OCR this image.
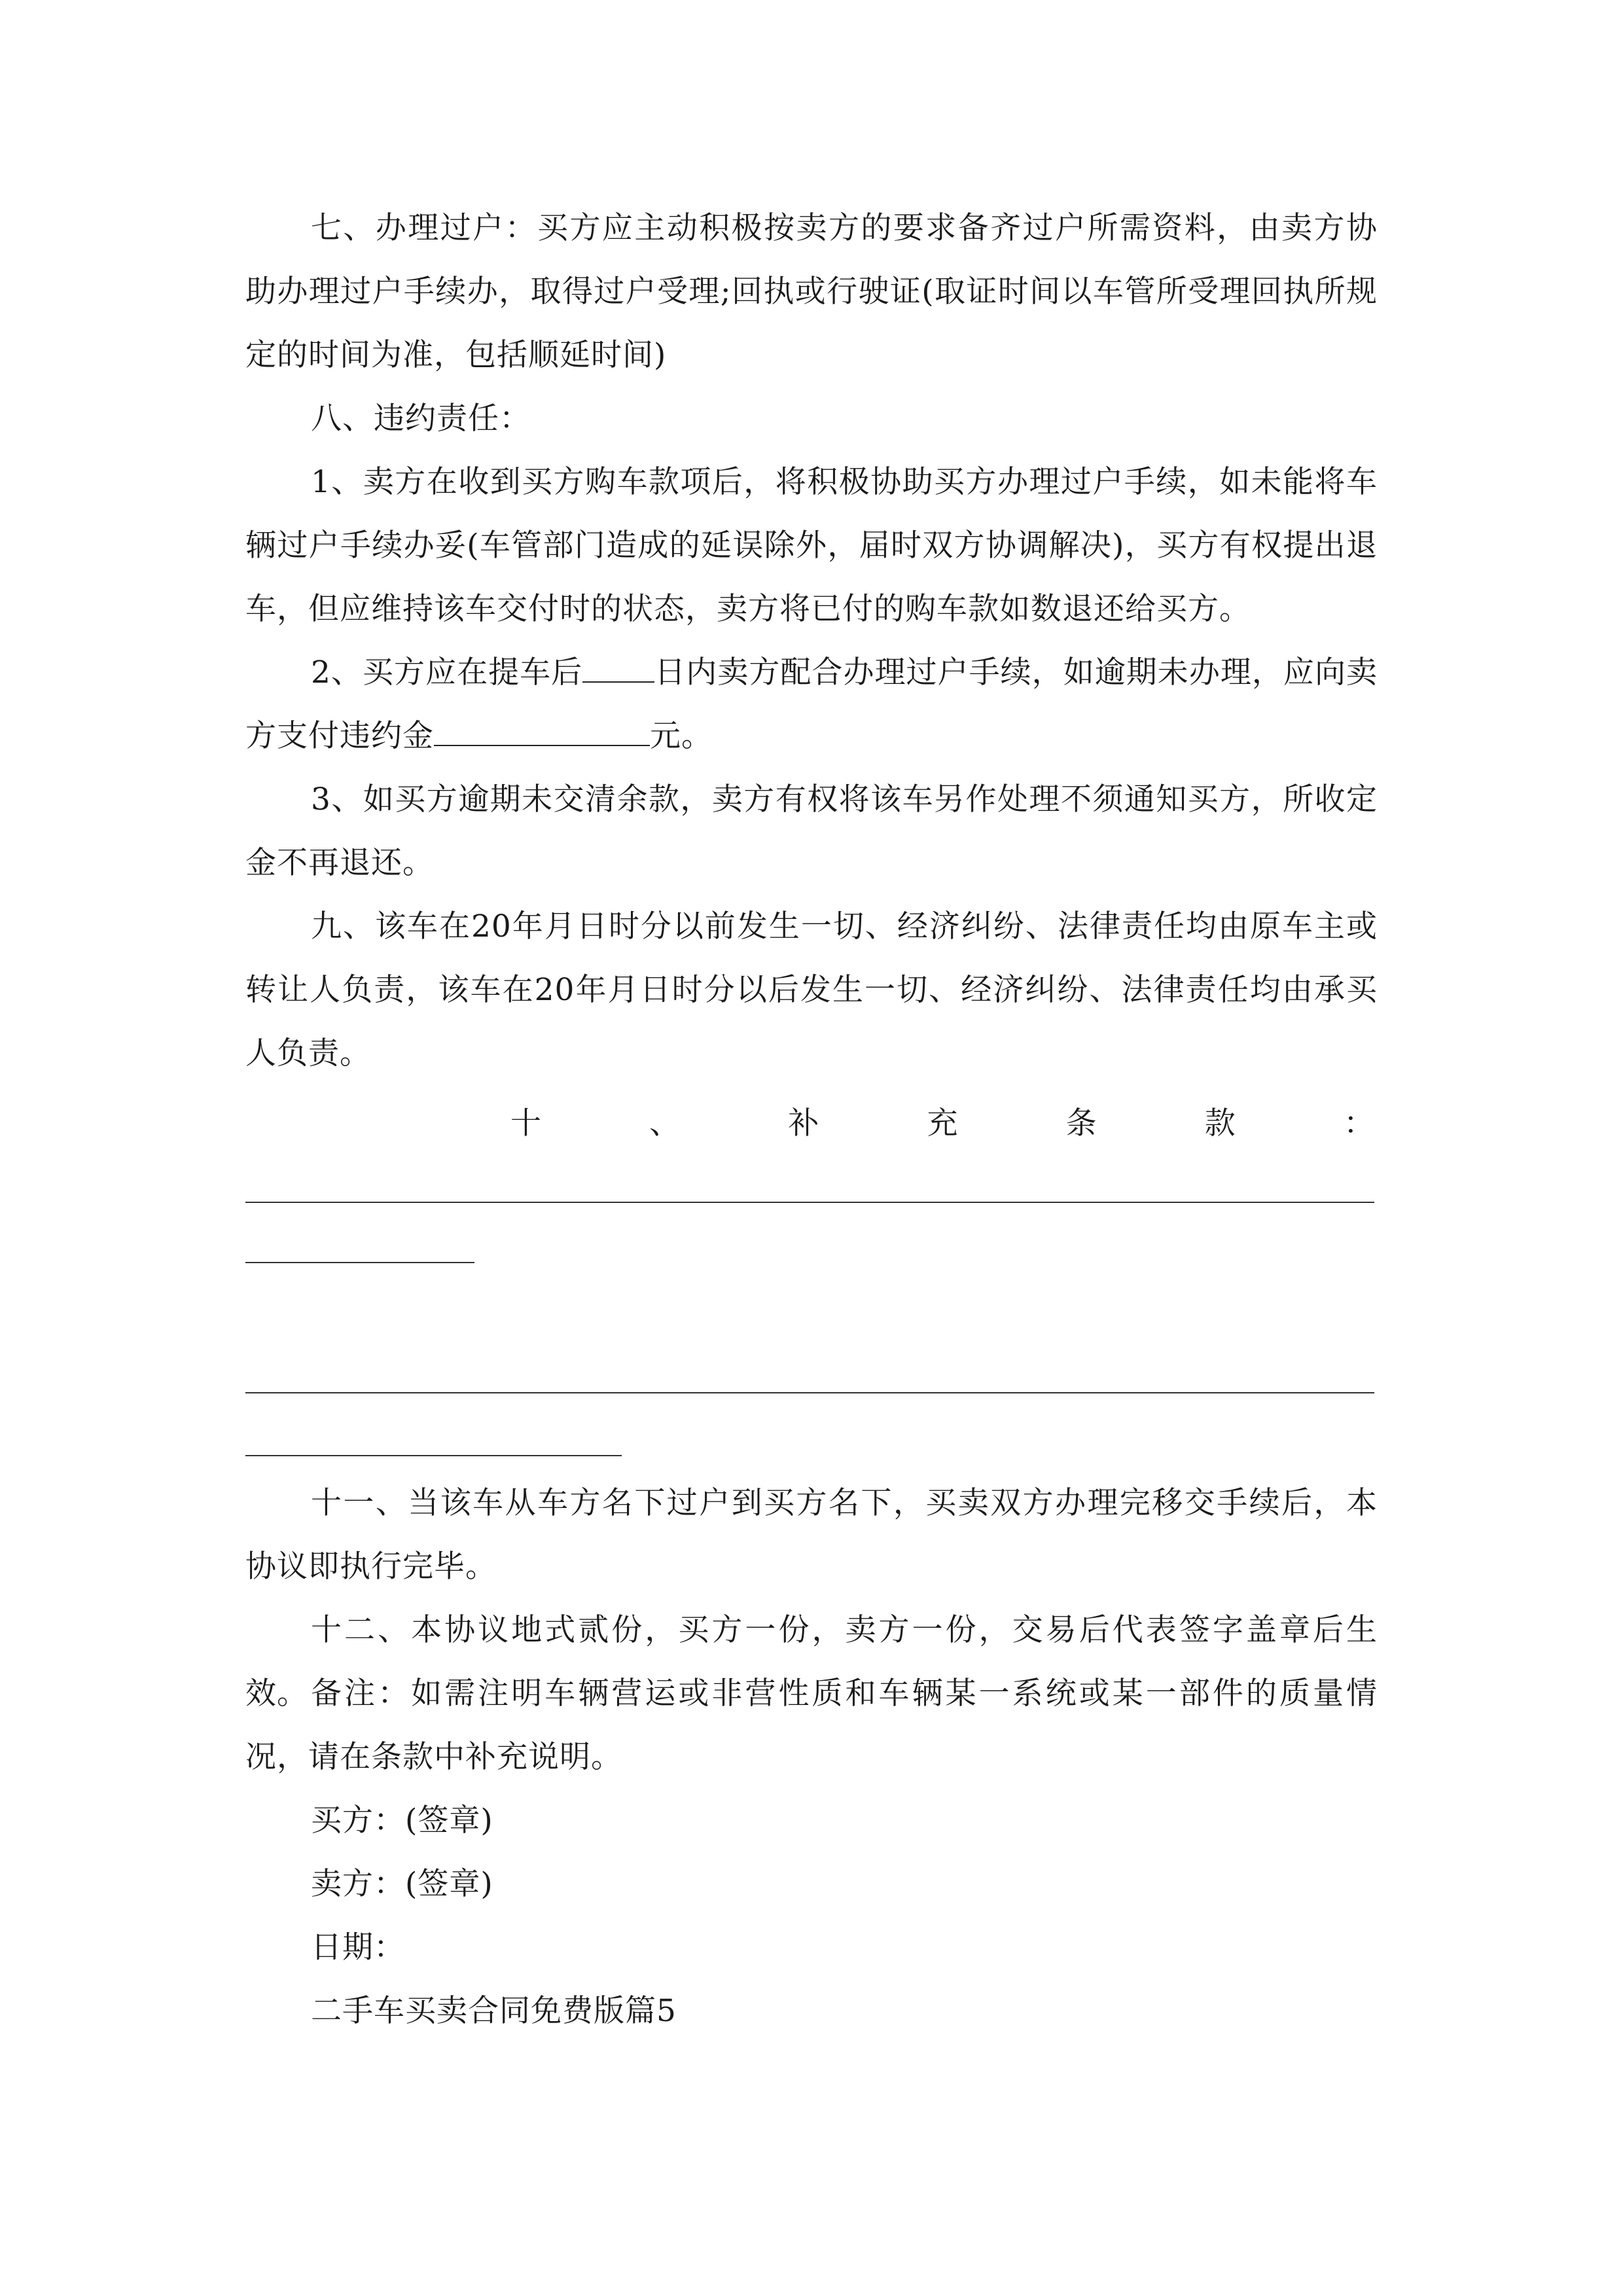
七、办理过户：买方应主动积极按卖方的要求备齐过户所需资料，由卖方协助办理过户手续办，取得过户受理;回执或行驶证(取证时间以车管所受理回执所规定的时间为准，包括顺延时间)

八、违约责任：

1、卖方在收到买方购车款项后，将积极协助买方办理过户手续，如未能将车辆过户手续办妥(车管部门造成的延误除外，届时双方协调解决)，买方有权提出退车，但应维持该车交付时的状态，卖方将已付的购车款如数退还给买方。

2、买方应在提车后 日内卖方配合办理过户手续，如逾期未办理，应向卖方支付违约金	元。

3、如买方逾期未交清余款，卖方有权将该车另作处理不须通知买方，所收定金不再退还。

九、该车在20年月日时分以前发生一切、经济纠纷、法律责任均由原车主或转让人负责，该车在20年月日时分以后发生一切、经济纠纷、法律责任均由承买人负责。

十	、	补	充	条	款	：

十一、当该车从车方名下过户到买方名下，买卖双方办理完移交手续后，本协议即执行完毕。

十二、本协议地式贰份，买方一份，卖方一份，交易后代表签字盖章后生效。 备注：如需注明车辆营运或非营性质和车辆某一系统或某一部件的质量情况，请在条款中补充说明。

买方：(签章)

卖方：(签章)

日期：

二手车买卖合同免费版篇5
